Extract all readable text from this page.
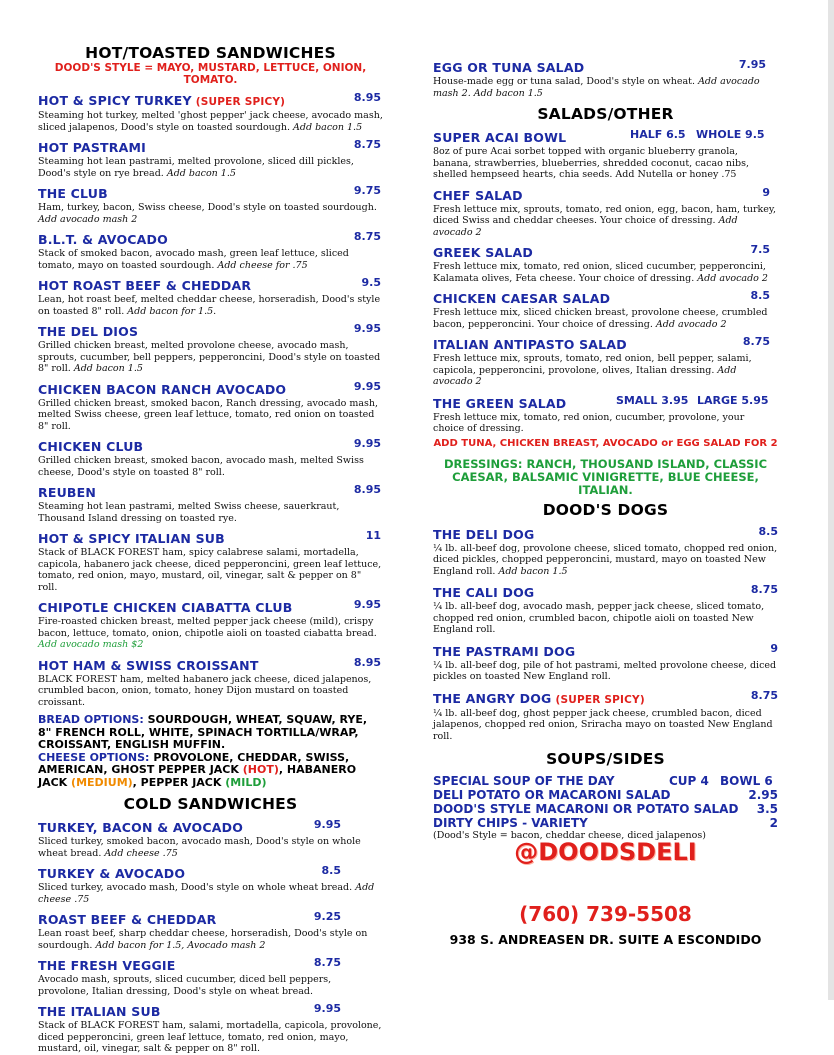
HOT/TOASTED SANDWICHES
DOOD'S STYLE = MAYO, MUSTARD, LETTUCE, ONION, TOMATO.
HOT & SPICY TURKEY (SUPER SPICY)	8.95
Steaming hot turkey, melted 'ghost pepper' jack cheese, avocado mash, sliced jalapenos, Dood's style on toasted sourdough. Add bacon 1.5
HOT PASTRAMI	8.75
Steaming hot lean pastrami, melted provolone, sliced dill pickles, Dood's style on rye bread. Add bacon 1.5
THE CLUB	9.75
Ham, turkey, bacon, Swiss cheese, Dood's style on toasted sourdough. Add avocado mash 2
B.L.T. & AVOCADO	8.75
Stack of smoked bacon, avocado mash, green leaf lettuce, sliced tomato, mayo on toasted sourdough. Add cheese for .75
HOT ROAST BEEF & CHEDDAR	9.5
Lean, hot roast beef, melted cheddar cheese, horseradish, Dood's style on toasted 8" roll. Add bacon for 1.5.
THE DEL DIOS	9.95
Grilled chicken breast, melted provolone cheese, avocado mash, sprouts, cucumber, bell peppers, pepperoncini, Dood's style on toasted 8" roll. Add bacon 1.5
CHICKEN BACON RANCH AVOCADO	9.95
Grilled chicken breast, smoked bacon, Ranch dressing, avocado mash, melted Swiss cheese, green leaf lettuce, tomato, red onion on toasted 8" roll.
CHICKEN CLUB	9.95
Grilled chicken breast, smoked bacon, avocado mash, melted Swiss cheese, Dood's style on toasted 8" roll.
REUBEN	8.95
Steaming hot lean pastrami, melted Swiss cheese, sauerkraut, Thousand Island dressing on toasted rye.
HOT & SPICY ITALIAN SUB	11
Stack of BLACK FOREST ham, spicy calabrese salami, mortadella, capicola, habanero jack cheese, diced pepperoncini, green leaf lettuce, tomato, red onion, mayo, mustard, oil, vinegar, salt & pepper on 8" roll.
CHIPOTLE CHICKEN CIABATTA CLUB	9.95
Fire-roasted chicken breast, melted pepper jack cheese (mild), crispy bacon, lettuce, tomato, onion, chipotle aioli on toasted ciabatta bread. Add avocado mash $2
HOT HAM & SWISS CROISSANT	8.95
BLACK FOREST ham, melted habanero jack cheese, diced jalapenos, crumbled bacon, onion, tomato, honey Dijon mustard on toasted croissant.
BREAD OPTIONS: SOURDOUGH, WHEAT, SQUAW, RYE, 8" FRENCH ROLL, WHITE, SPINACH TORTILLA/WRAP, CROISSANT, ENGLISH MUFFIN.
CHEESE OPTIONS: PROVOLONE, CHEDDAR, SWISS, AMERICAN, GHOST PEPPER JACK (HOT), HABANERO JACK (MEDIUM), PEPPER JACK (MILD)
COLD SANDWICHES
TURKEY, BACON & AVOCADO	9.95
Sliced turkey, smoked bacon, avocado mash, Dood's style on whole wheat bread. Add cheese .75
TURKEY & AVOCADO	8.5
Sliced turkey, avocado mash, Dood's style on whole wheat bread. Add cheese .75
ROAST BEEF & CHEDDAR	9.25
Lean roast beef, sharp cheddar cheese, horseradish, Dood's style on sourdough. Add bacon for 1.5, Avocado mash 2
THE FRESH VEGGIE	8.75
Avocado mash, sprouts, sliced cucumber, diced bell peppers, provolone, Italian dressing, Dood's style on wheat bread.
THE ITALIAN SUB	9.95
Stack of BLACK FOREST ham, salami, mortadella, capicola, provolone, diced pepperoncini, green leaf lettuce, tomato, red onion, mayo, mustard, oil, vinegar, salt & pepper on 8" roll.
EGG OR TUNA SALAD	7.95
House-made egg or tuna salad, Dood's style on wheat. Add avocado mash 2. Add bacon 1.5
SALADS/OTHER
SUPER ACAI BOWL	HALF 6.5 WHOLE 9.5
8oz of pure Acai sorbet topped with organic blueberry granola, banana, strawberries, blueberries, shredded coconut, cacao nibs, shelled hempseed hearts, chia seeds. Add Nutella or honey .75
CHEF SALAD	9
Fresh lettuce mix, sprouts, tomato, red onion, egg, bacon, ham, turkey, diced Swiss and cheddar cheeses. Your choice of dressing. Add avocado 2
GREEK SALAD	7.5
Fresh lettuce mix, tomato, red onion, sliced cucumber, pepperoncini, Kalamata olives, Feta cheese. Your choice of dressing. Add avocado 2
CHICKEN CAESAR SALAD	8.5
Fresh lettuce mix, sliced chicken breast, provolone cheese, crumbled bacon, pepperoncini. Your choice of dressing. Add avocado 2
ITALIAN ANTIPASTO SALAD	8.75
Fresh lettuce mix, sprouts, tomato, red onion, bell pepper, salami, capicola, pepperoncini, provolone, olives, Italian dressing. Add avocado 2
THE GREEN SALAD	SMALL 3.95 LARGE 5.95
Fresh lettuce mix, tomato, red onion, cucumber, provolone, your choice of dressing.
ADD TUNA, CHICKEN BREAST, AVOCADO or EGG SALAD FOR 2
DRESSINGS: RANCH, THOUSAND ISLAND, CLASSIC CAESAR, BALSAMIC VINIGRETTE, BLUE CHEESE, ITALIAN.
DOOD'S DOGS
THE DELI DOG	8.5
¼ lb. all-beef dog, provolone cheese, sliced tomato, chopped red onion, diced pickles, chopped pepperoncini, mustard, mayo on toasted New England roll. Add bacon 1.5
THE CALI DOG	8.75
¼ lb. all-beef dog, avocado mash, pepper jack cheese, sliced tomato, chopped red onion, crumbled bacon, chipotle aioli on toasted New England roll.
THE PASTRAMI DOG	9
¼ lb. all-beef dog, pile of hot pastrami, melted provolone cheese, diced pickles on toasted New England roll.
THE ANGRY DOG (SUPER SPICY)	8.75
¼ lb. all-beef dog, ghost pepper jack cheese, crumbled bacon, diced jalapenos, chopped red onion, Sriracha mayo on toasted New England roll.
SOUPS/SIDES
SPECIAL SOUP OF THE DAY	CUP 4 BOWL 6
DELI POTATO OR MACARONI SALAD	2.95
DOOD'S STYLE MACARONI OR POTATO SALAD 3.5
DIRTY CHIPS - VARIETY	2
(Dood's Style = bacon, cheddar cheese, diced jalapenos)
@DOODSDELI
(760) 739-5508
938 S. ANDREASEN DR. SUITE A ESCONDIDO
